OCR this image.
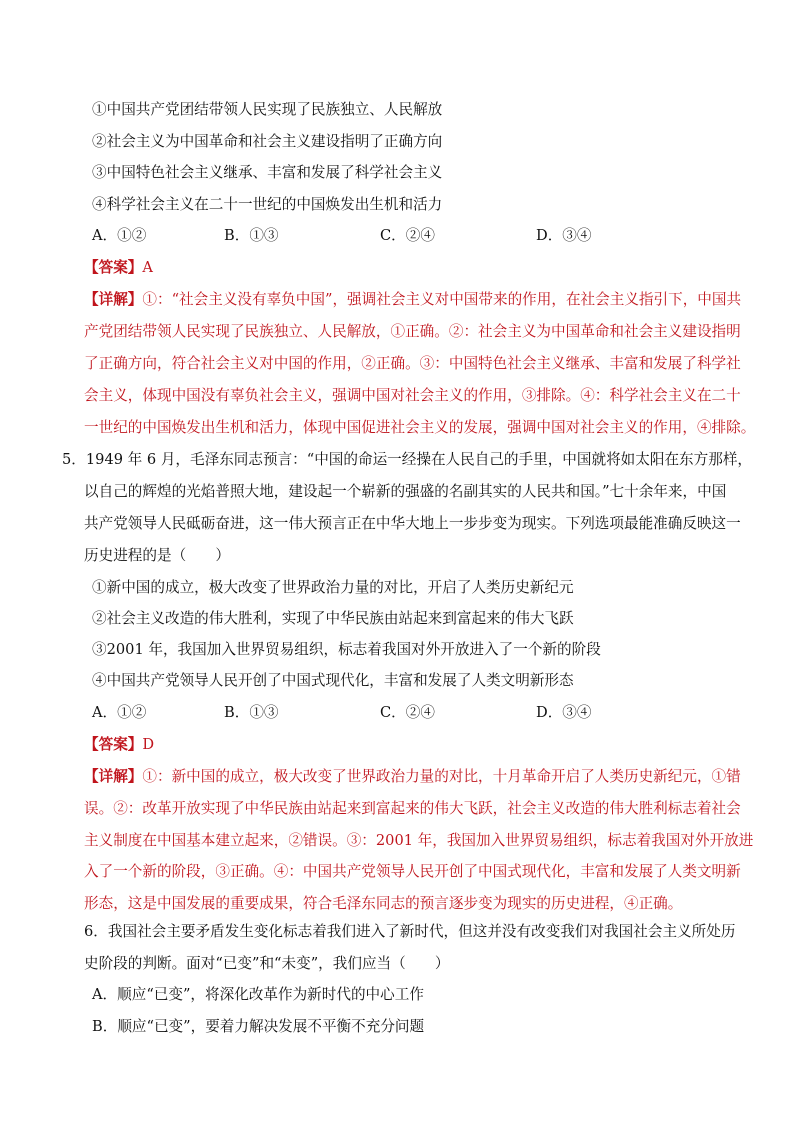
①中国共产党团结带领人民实现了民族独立、人民解放
②社会主义为中国革命和社会主义建设指明了正确方向
③中国特色社会主义继承、丰富和发展了科学社会主义
④科学社会主义在二十一世纪的中国焕发出生机和活力
A．①②	B．①③	C．②④	D．③④
【答案】A
【详解】①：“社会主义没有辜负中国”，强调社会主义对中国带来的作用，在社会主义指引下，中国共
产党团结带领人民实现了民族独立、人民解放，①正确。②：社会主义为中国革命和社会主义建设指明
了正确方向，符合社会主义对中国的作用，②正确。③：中国特色社会主义继承、丰富和发展了科学社
会主义，体现中国没有辜负社会主义，强调中国对社会主义的作用，③排除。④：科学社会主义在二十
一世纪的中国焕发出生机和活力，体现中国促进社会主义的发展，强调中国对社会主义的作用，④排除。
5．1949 年 6 月，毛泽东同志预言：“中国的命运一经操在人民自己的手里，中国就将如太阳在东方那样，
以自己的辉煌的光焰普照大地，建设起一个崭新的强盛的名副其实的人民共和国。”七十余年来，中国
共产党领导人民砥砺奋进，这一伟大预言正在中华大地上一步步变为现实。下列选项最能准确反映这一
历史进程的是（　　）
①新中国的成立，极大改变了世界政治力量的对比，开启了人类历史新纪元
②社会主义改造的伟大胜利，实现了中华民族由站起来到富起来的伟大飞跃
③2001 年，我国加入世界贸易组织，标志着我国对外开放进入了一个新的阶段
④中国共产党领导人民开创了中国式现代化，丰富和发展了人类文明新形态
A．①②	B．①③	C．②④	D．③④
【答案】D
【详解】①：新中国的成立，极大改变了世界政治力量的对比，十月革命开启了人类历史新纪元，①错
误。②：改革开放实现了中华民族由站起来到富起来的伟大飞跃，社会主义改造的伟大胜利标志着社会
主义制度在中国基本建立起来，②错误。③：2001 年，我国加入世界贸易组织，标志着我国对外开放进
入了一个新的阶段，③正确。④：中国共产党领导人民开创了中国式现代化，丰富和发展了人类文明新
形态，这是中国发展的重要成果，符合毛泽东同志的预言逐步变为现实的历史进程，④正确。
6．我国社会主要矛盾发生变化标志着我们进入了新时代，但这并没有改变我们对我国社会主义所处历
史阶段的判断。面对“已变”和“未变”，我们应当（　　）
A．顺应“已变”，将深化改革作为新时代的中心工作
B．顺应“已变”，要着力解决发展不平衡不充分问题
